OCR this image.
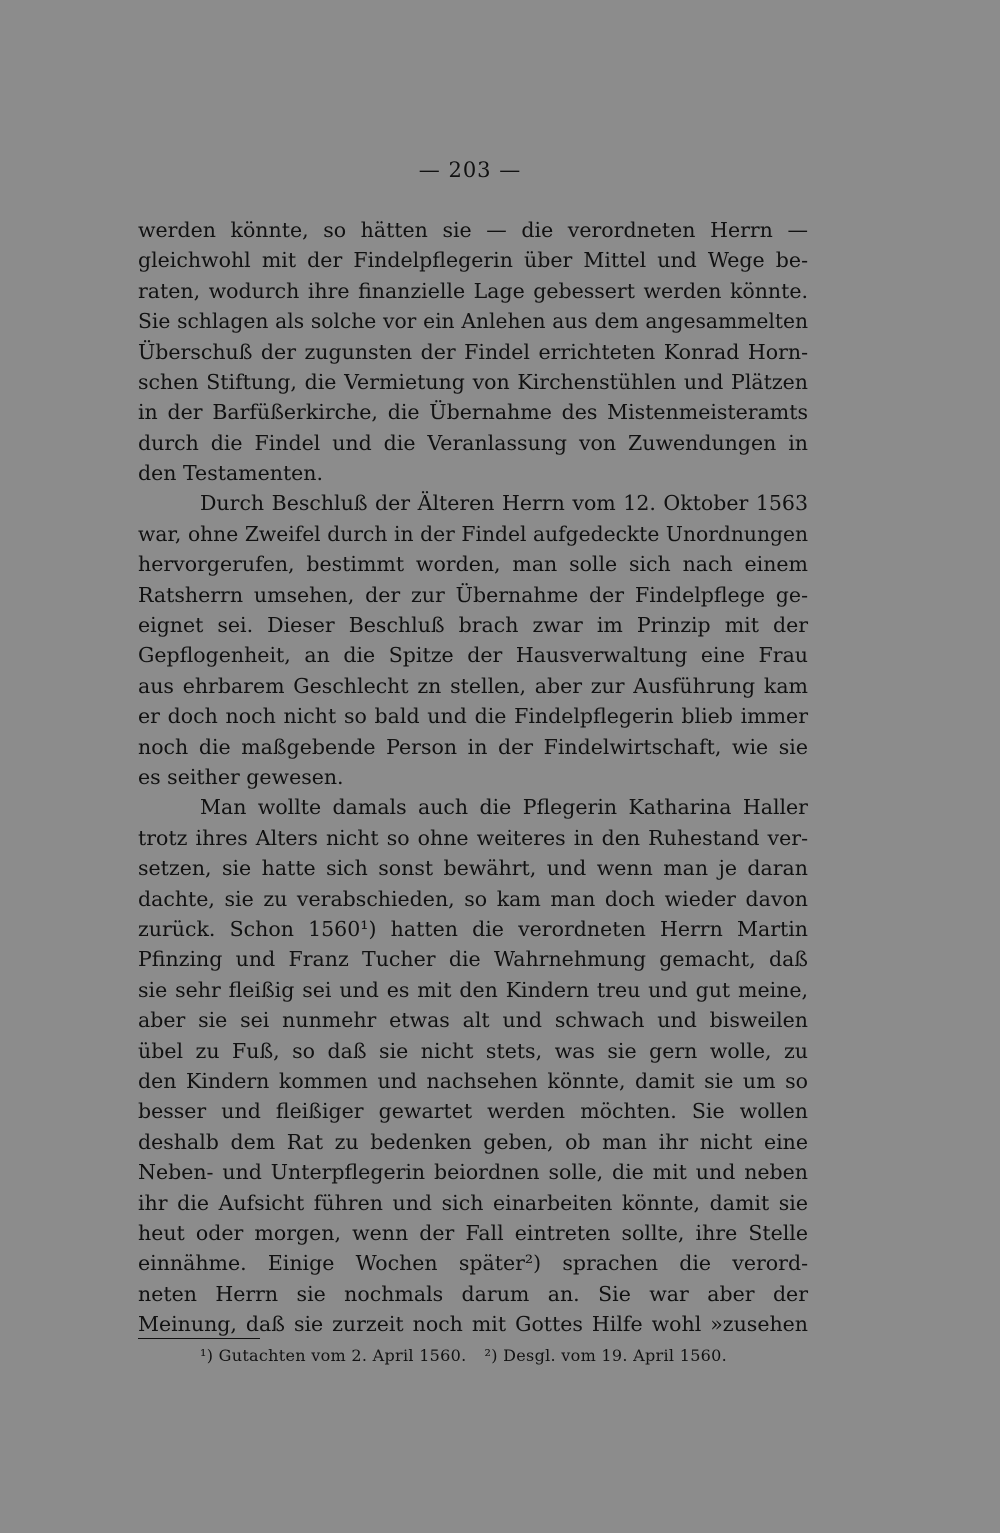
— 203 —
werden könnte, so hätten sie — die verordneten Herrn —
gleichwohl mit der Findelpflegerin über Mittel und Wege be-
raten, wodurch ihre finanzielle Lage gebessert werden könnte.
Sie schlagen als solche vor ein Anlehen aus dem angesammelten
Überschuß der zugunsten der Findel errichteten Konrad Horn-
schen Stiftung, die Vermietung von Kirchenstühlen und Plätzen
in der Barfüßerkirche, die Übernahme des Mistenmeisteramts
durch die Findel und die Veranlassung von Zuwendungen in
den Testamenten.
Durch Beschluß der Älteren Herrn vom 12. Oktober 1563
war, ohne Zweifel durch in der Findel aufgedeckte Unordnungen
hervorgerufen, bestimmt worden, man solle sich nach einem
Ratsherrn umsehen, der zur Übernahme der Findelpflege ge-
eignet sei. Dieser Beschluß brach zwar im Prinzip mit der
Gepflogenheit, an die Spitze der Hausverwaltung eine Frau
aus ehrbarem Geschlecht zn stellen, aber zur Ausführung kam
er doch noch nicht so bald und die Findelpflegerin blieb immer
noch die maßgebende Person in der Findelwirtschaft, wie sie
es seither gewesen.
Man wollte damals auch die Pflegerin Katharina Haller
trotz ihres Alters nicht so ohne weiteres in den Ruhestand ver-
setzen, sie hatte sich sonst bewährt, und wenn man je daran
dachte, sie zu verabschieden, so kam man doch wieder davon
zurück. Schon 1560¹) hatten die verordneten Herrn Martin
Pfinzing und Franz Tucher die Wahrnehmung gemacht, daß
sie sehr fleißig sei und es mit den Kindern treu und gut meine,
aber sie sei nunmehr etwas alt und schwach und bisweilen
übel zu Fuß, so daß sie nicht stets, was sie gern wolle, zu
den Kindern kommen und nachsehen könnte, damit sie um so
besser und fleißiger gewartet werden möchten. Sie wollen
deshalb dem Rat zu bedenken geben, ob man ihr nicht eine
Neben- und Unterpflegerin beiordnen solle, die mit und neben
ihr die Aufsicht führen und sich einarbeiten könnte, damit sie
heut oder morgen, wenn der Fall eintreten sollte, ihre Stelle
einnähme. Einige Wochen später²) sprachen die verord-
neten Herrn sie nochmals darum an. Sie war aber der
Meinung, daß sie zurzeit noch mit Gottes Hilfe wohl »zusehen
¹) Gutachten vom 2. April 1560. ²) Desgl. vom 19. April 1560.
